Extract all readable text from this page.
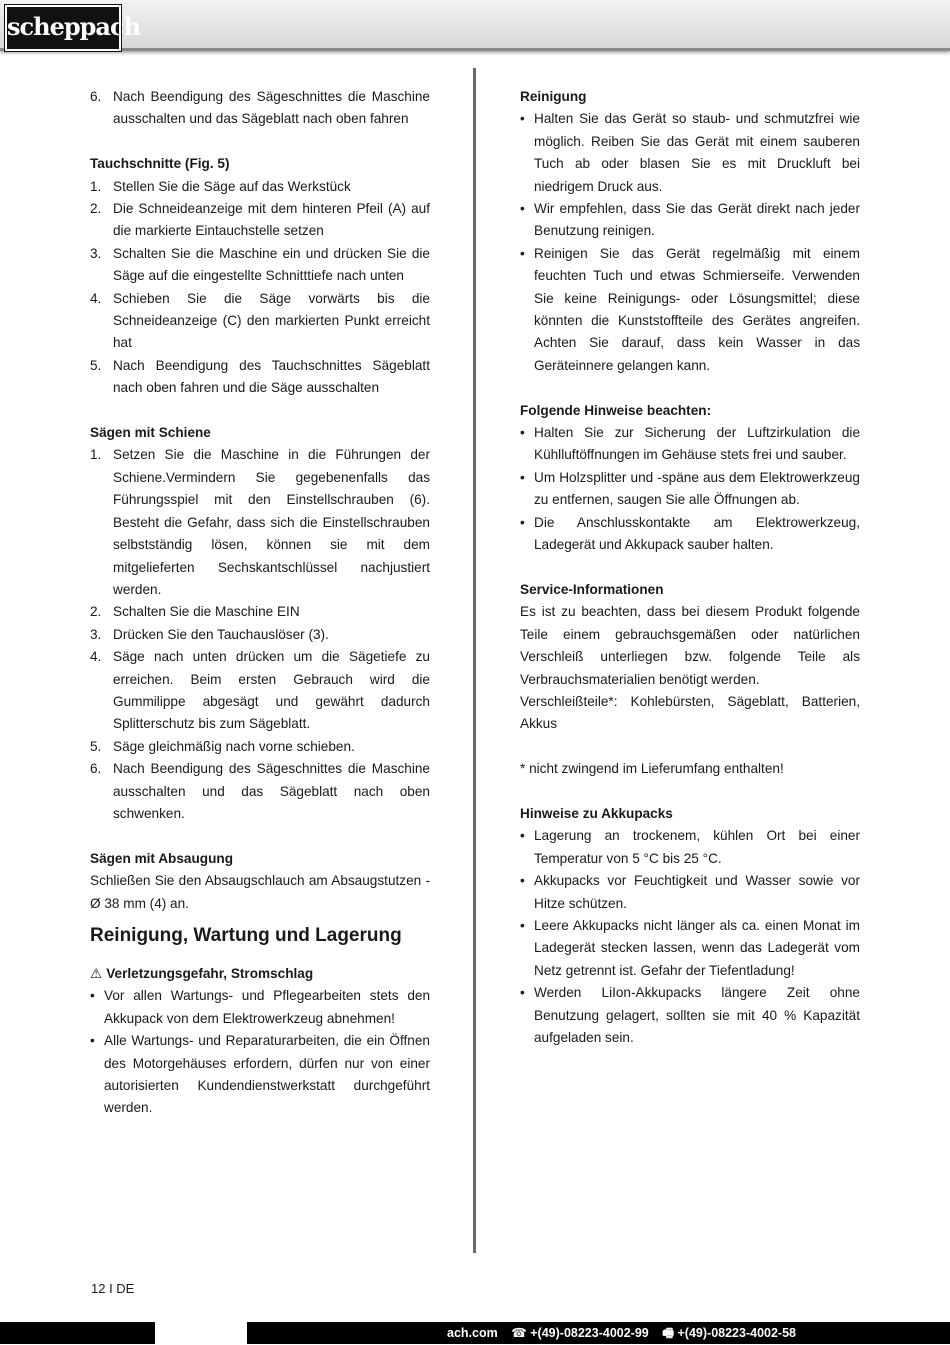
scheppach
6. Nach Beendigung des Sägeschnittes die Maschine ausschalten und das Sägeblatt nach oben fahren

Tauchschnitte (Fig. 5)

1. Stellen Sie die Säge auf das Werkstück
2. Die Schneideanzeige mit dem hinteren Pfeil (A) auf die markierte Eintauchstelle setzen
3. Schalten Sie die Maschine ein und drücken Sie die Säge auf die eingestellte Schnitttiefe nach unten
4. Schieben Sie die Säge vorwärts bis die Schneideanzeige (C) den markierten Punkt erreicht hat
5. Nach Beendigung des Tauchschnittes Sägeblatt nach oben fahren und die Säge ausschalten

Sägen mit Schiene

1. Setzen Sie die Maschine in die Führungen der Schiene.Vermindern Sie gegebenenfalls das Führungsspiel mit den Einstellschrauben (6). Besteht die Gefahr, dass sich die Einstellschrauben selbstständig lösen, können sie mit dem mitgelieferten Sechskantschlüssel nachjustiert werden.
2. Schalten Sie die Maschine EIN
3. Drücken Sie den Tauchauslöser (3).
4. Säge nach unten drücken um die Sägetiefe zu erreichen. Beim ersten Gebrauch wird die Gummilippe abgesägt und gewährt dadurch Splitterschutz bis zum Sägeblatt.
5. Säge gleichmäßig nach vorne schieben.
6. Nach Beendigung des Sägeschnittes die Maschine ausschalten und das Sägeblatt nach oben schwenken.

Sägen mit Absaugung

Schließen Sie den Absaugschlauch am Absaugstutzen - Ø 38 mm (4) an.

Reinigung, Wartung und Lagerung

⚠ Verletzungsgefahr, Stromschlag

• Vor allen Wartungs- und Pflegearbeiten stets den Akkupack von dem Elektrowerkzeug abnehmen!
• Alle Wartungs- und Reparaturarbeiten, die ein Öffnen des Motorgehäuses erfordern, dürfen nur von einer autorisierten Kundendienstwerkstatt durchgeführt werden.

Reinigung

• Halten Sie das Gerät so staub- und schmutzfrei wie möglich. Reiben Sie das Gerät mit einem sauberen Tuch ab oder blasen Sie es mit Druckluft bei niedrigem Druck aus.
• Wir empfehlen, dass Sie das Gerät direkt nach jeder Benutzung reinigen.
• Reinigen Sie das Gerät regelmäßig mit einem feuchten Tuch und etwas Schmierseife. Verwenden Sie keine Reinigungs- oder Lösungsmittel; diese könnten die Kunststoffteile des Gerätes angreifen. Achten Sie darauf, dass kein Wasser in das Geräteinnere gelangen kann.

Folgende Hinweise beachten:

• Halten Sie zur Sicherung der Luftzirkulation die Kühlluftöffnungen im Gehäuse stets frei und sauber.
• Um Holzsplitter und -späne aus dem Elektrowerkzeug zu entfernen, saugen Sie alle Öffnungen ab.
• Die Anschlusskontakte am Elektrowerkzeug, Ladegerät und Akkupack sauber halten.

Service-Informationen

Es ist zu beachten, dass bei diesem Produkt folgende Teile einem gebrauchsgemäßen oder natürlichen Verschleiß unterliegen bzw. folgende Teile als Verbrauchsmaterialien benötigt werden.

Verschleißteile*: Kohlebürsten, Sägeblatt, Batterien, Akkus

* nicht zwingend im Lieferumfang enthalten!

Hinweise zu Akkupacks

• Lagerung an trockenem, kühlen Ort bei einer Temperatur von 5 °C bis 25 °C.
• Akkupacks vor Feuchtigkeit und Wasser sowie vor Hitze schützen.
• Leere Akkupacks nicht länger als ca. einen Monat im Ladegerät stecken lassen, wenn das Ladegerät vom Netz getrennt ist. Gefahr der Tiefentladung!
• Werden LiIon-Akkupacks längere Zeit ohne Benutzung gelagert, sollten sie mit 40 % Kapazität aufgeladen sein.
12 I DE
ach.com ☎ +(49)-08223-4002-99 🖷 +(49)-08223-4002-58
